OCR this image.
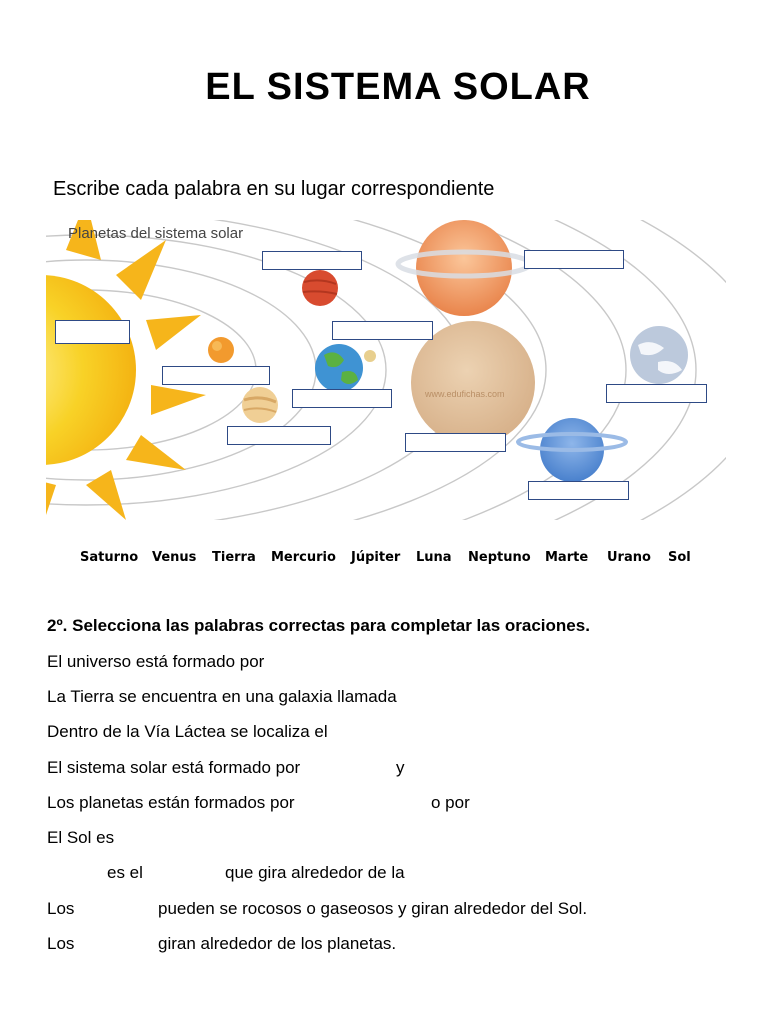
EL SISTEMA SOLAR
Escribe cada palabra en su lugar correspondiente
Planetas del sistema solar
www.edufichas.com
Saturno Venus Tierra Mercurio Júpiter Luna Neptuno Marte Urano Sol
2º. Selecciona las palabras correctas para completar las oraciones.
El universo está formado por
La Tierra se encuentra en una galaxia llamada
Dentro de la Vía Láctea se localiza el
El sistema solar está formado por	y
Los planetas están formados por	o por
El Sol es
es el	que gira alrededor de la
Los	pueden se rocosos o gaseosos y giran alrededor del Sol.
Los	giran alrededor de los planetas.
